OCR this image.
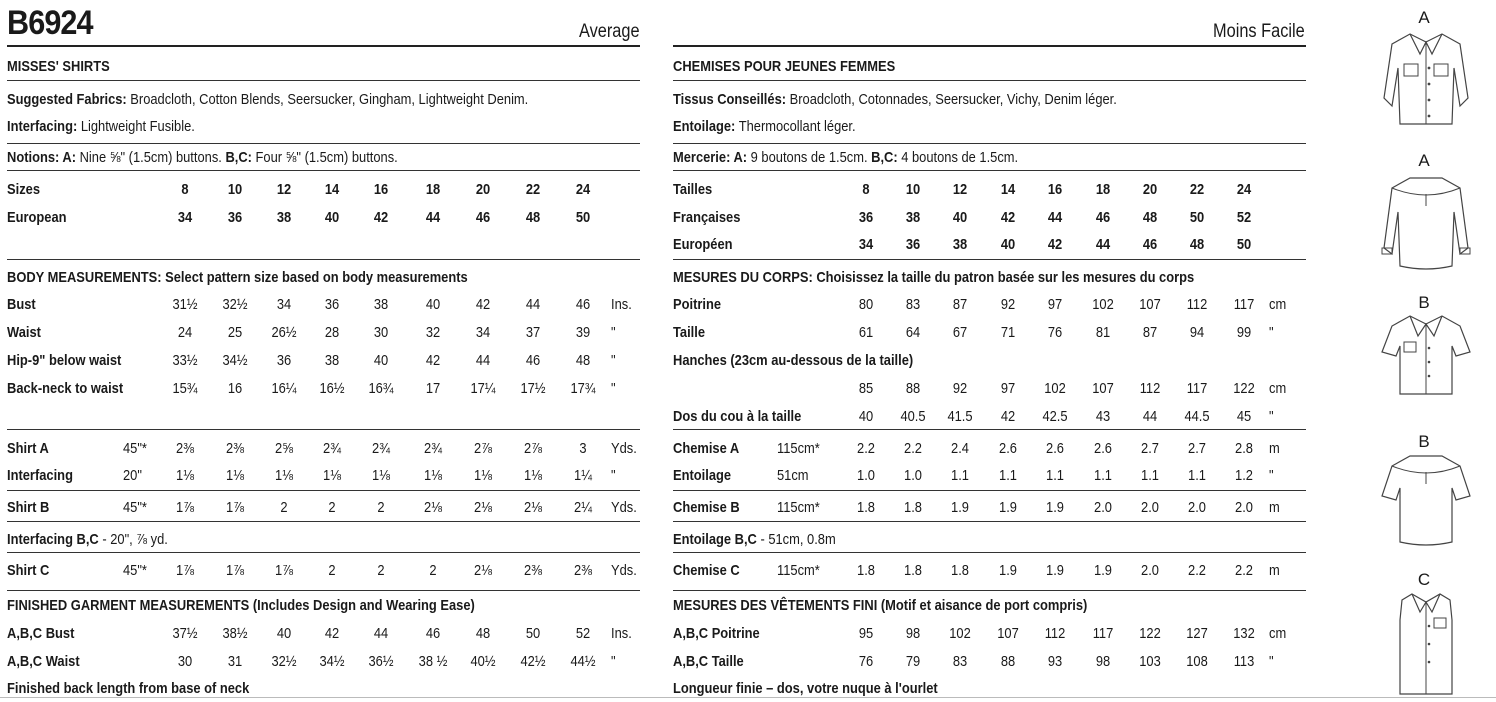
B6924	Average
MISSES' SHIRTS
Suggested Fabrics: Broadcloth, Cotton Blends, Seersucker, Gingham, Lightweight Denim.
Interfacing: Lightweight Fusible.
Notions: A: Nine ⅝" (1.5cm) buttons. B,C: Four ⅝" (1.5cm) buttons.
Sizes	8	10 12 14 16	18 20 22 24
European	34 36 38 40 42	44 46 48 50
BODY MEASUREMENTS: Select pattern size based on body measurements
Bust	31½ 32½ 34 36 38	40 42 44 46 Ins.
Waist	24 25 26½ 28 30	32 34 37 39 "
Hip-9" below waist	33½ 34½ 36 38 40	42 44 46 48 "
Back-neck to waist	15¾ 16 16¼ 16½ 16¾ 17 17¼ 17½ 17¾ "
Shirt A	45"* 2⅜ 2⅜ 2⅝ 2¾ 2¾ 2¾ 2⅞ 2⅞ 3 Yds.
Interfacing	20" 1⅛ 1⅛ 1⅛ 1⅛ 1⅛ 1⅛ 1⅛ 1⅛ 1¼ "
Shirt B	45"* 1⅞ 1⅞ 2	2	2	2⅛ 2⅛ 2⅛ 2¼ Yds.
Shirt C	45"* 1⅞ 1⅞ 1⅞ 2	2	2 2⅛ 2⅜ 2⅜ Yds.
Interfacing B,C - 20", ⅞ yd.
FINISHED GARMENT MEASUREMENTS (Includes Design and Wearing Ease)
A,B,C Bust	37½ 38½ 40 42 44	46 48 50 52 Ins.
A,B,C Waist	30 31 32½ 34½ 36½ 38 ½ 40½ 42½ 44½ "
Finished back length from base of neck
Moins Facile
CHEMISES POUR JEUNES FEMMES
Tissus Conseillés: Broadcloth, Cotonnades, Seersucker, Vichy, Denim léger.
Entoilage: Thermocollant léger.
Mercerie: A: 9 boutons de 1.5cm. B,C: 4 boutons de 1.5cm.
Tailles	8 10 12 14 16 18 20 22 24
Françaises	36 38 40 42 44 46 48 50 52
Européen	34 36 38 40 42 44 46 48 50
MESURES DU CORPS: Choisissez la taille du patron basée sur les mesures du corps
Poitrine	80 83 87 92 97 102 107 112 117 cm
Taille	61 64 67 71 76 81 87 94 99 "
Hanches (23cm au-dessous de la taille)
85 88 92 97 102 107 112 117 122 cm
Dos du cou à la taille	40 40.5 41.5 42 42.5 43 44 44.5 45 "
Chemise A	115cm* 2.2 2.2 2.4 2.6 2.6 2.6 2.7 2.7 2.8 m
Entoilage	51cm	1.0 1.0 1.1 1.1 1.1 1.1 1.1 1.1 1.2 "
Chemise B 115cm* 1.8 1.8 1.9 1.9 1.9 2.0 2.0 2.0 2.0 m
Chemise C 115cm* 1.8 1.8 1.8 1.9 1.9 1.9 2.0 2.2 2.2 m
Entoilage B,C - 51cm, 0.8m
MESURES DES VÊTEMENTS FINI (Motif et aisance de port compris)
A,B,C Poitrine	95 98 102 107 112 117 122 127 132 cm
A,B,C Taille	76 79 83 88 93 98 103 108 113 "
Longueur finie – dos, votre nuque à l'ourlet
A
A
B
B
C
